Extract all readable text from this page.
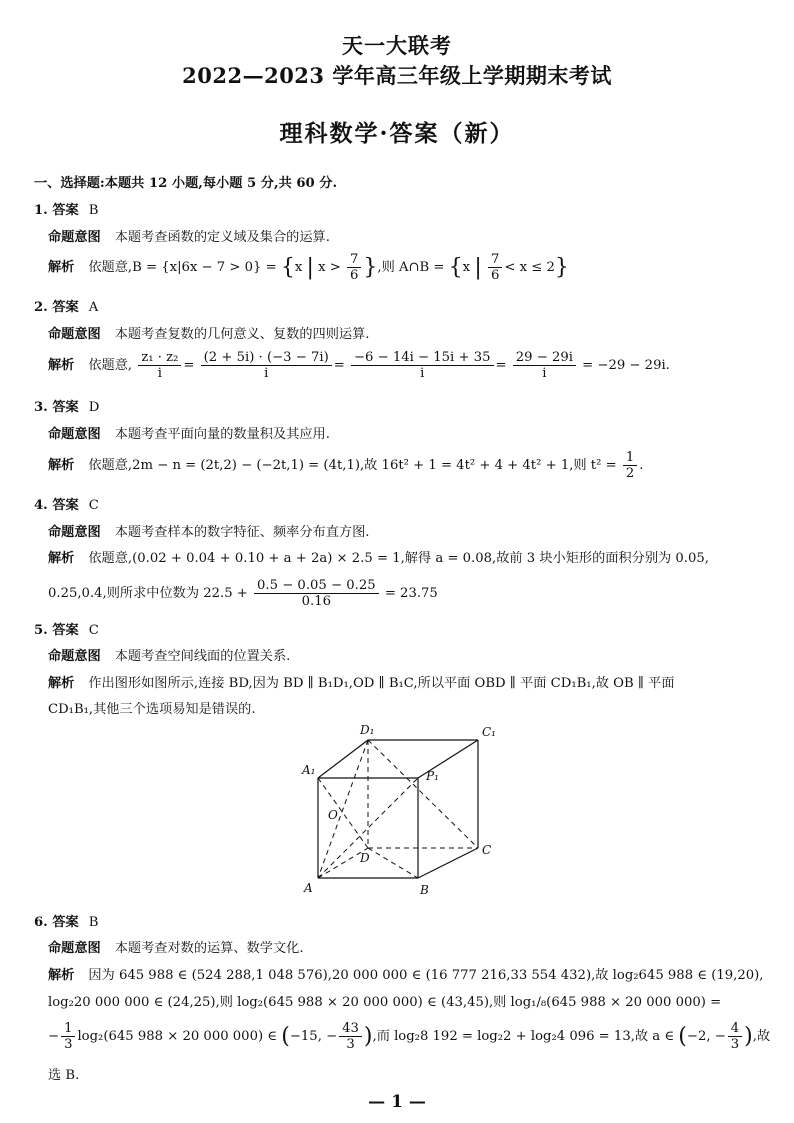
天一大联考
2022—2023 学年高三年级上学期期末考试
理科数学·答案（新）
一、选择题:本题共 12 小题,每小题 5 分,共 60 分.
1. 答案 B
命题意图 本题考查函数的定义域及集合的运算.
解析 依题意,B = {x|6x − 7 > 0} = {x | $x > \frac{7}{6}$ },则 A∩B = {x | $\frac{7}{6} < x \le 2$}
2. 答案 A
命题意图 本题考查复数的几何意义、复数的四则运算.
解析 依题意, $\frac{\text{z₁ · z₂}}{i} = \frac{(2 + 5i) \cdot (-3 - 7i)}{i} = \frac{-6 - 14i - 15i + 35}{i} = \frac{29 - 29i}{i} = -29 - 29i$.
3. 答案 D
命题意图 本题考查平面向量的数量积及其应用.
解析 依题意,2m − n = (2t,2) − (−2t,1) = (4t,1),故 16t² + 1 = 4t² + 4 + 4t² + 1,则 $t^2 = \frac{1}{2}$ .
4. 答案 C
命题意图 本题考查样本的数字特征、频率分布直方图.
解析 依题意,(0.02 + 0.04 + 0.10 + a + 2a) × 2.5 = 1,解得 a = 0.08,故前 3 块小矩形的面积分别为 0.05,
0.25,0.4,则所求中位数为 $22.5 + \frac{0.5 - 0.05 - 0.25}{0.16} = 23.75$
5. 答案 C
命题意图 本题考查空间线面的位置关系.
解析 作出图形如图所示,连接 BD,因为 BD ∥ B₁D₁,OD ∥ B₁C,所以平面 OBD ∥ 平面 CD₁B₁,故 OB ∥ 平面
CD₁B₁,其他三个选项易知是错误的.
D₁	C₁
A₁	P₁
O
D
C
A	B
6. 答案 B
命题意图 本题考查对数的运算、数学文化.
解析 因为 645 988 ∈ (524 288,1 048 576),20 000 000 ∈ (16 777 216,33 554 432),故 log₂645 988 ∈ (19,20),
log₂20 000 000 ∈ (24,25),则 log₂(645 988 × 20 000 000) ∈ (43,45),则 log₁/₈(645 988 × 20 000 000) =
− $\frac{1}{3} \log_2(645$ 988 × 20 000 000) ∈ (−15, − $\frac{43}{3}$ ),而 log₂8 192 = log₂2 + log₂4 096 = 13,故 a ∈ (−2, − $\frac{4}{3}$ ),故
选 B.
— 1 —
